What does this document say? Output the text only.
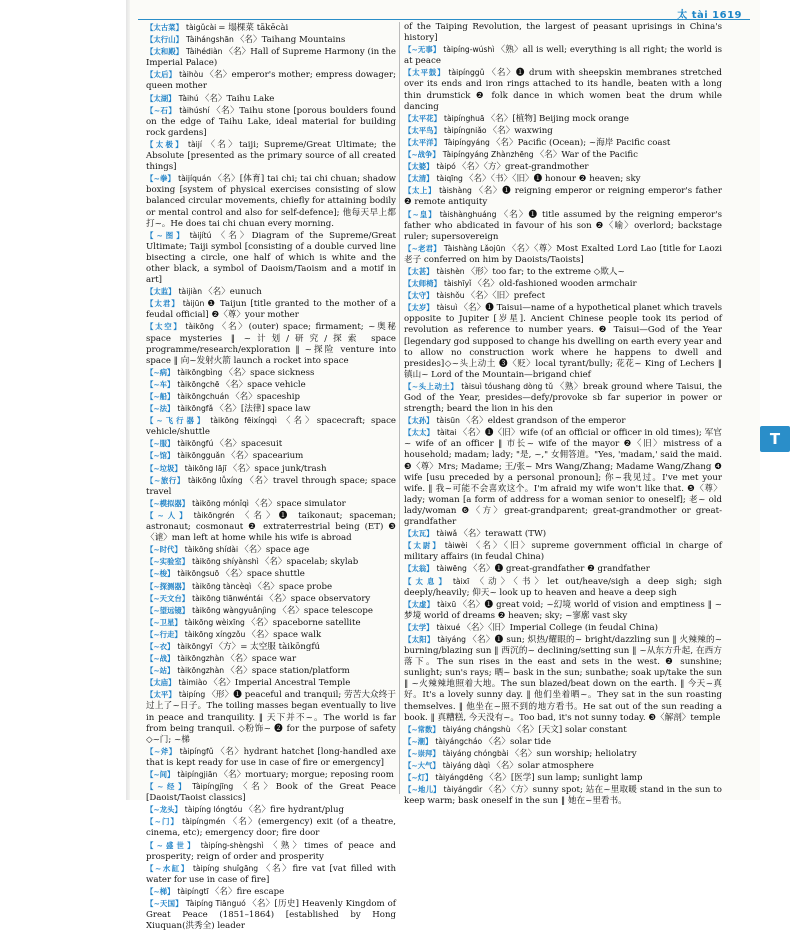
太 tài 1619
【太古菜】 tàigǔcài = 塌棵菜 tākēcài
【太行山】 Tàihángshān 〈名〉Taihang Mountains
【太和殿】 Tàihédiàn 〈名〉Hall of Supreme Harmony (in the Imperial Palace)
【太后】 tàihòu 〈名〉emperor's mother; empress dowager; queen mother
【太湖】 Tàihú 〈名〉Taihu Lake
【~石】 tàihúshí 〈名〉Taihu stone [porous boulders found on the edge of Taihu Lake, ideal material for building rock gardens]
【太极】 tàijí 〈名〉taiji; Supreme/Great Ultimate; the Absolute [presented as the primary source of all created things]
【~拳】 tàijíquán 〈名〉[体育] tai chi; tai chi chuan; shadow boxing [system of physical exercises consisting of slow balanced circular movements, chiefly for attaining bodily or mental control and also for self-defence]; 他每天早上都打~。He does tai chi chuan every morning.
【~图】 tàijítú 〈名〉Diagram of the Supreme/Great Ultimate; Taiji symbol [consisting of a double curved line bisecting a circle, one half of which is white and the other black, a symbol of Daoism/Taoism and a motif in art]
【太监】 tàijiàn 〈名〉eunuch
【太君】 tàijūn ❶ Taijun [title granted to the mother of a feudal official] ❷〈尊〉your mother
【太空】 tàikōng 〈名〉(outer) space; firmament; ~奥秘 space mysteries ‖ ~计划/研究/探索 space programme/research/exploration ‖ ~探险 venture into space ‖ 向~发射火箭 launch a rocket into space
【~病】 tàikōngbìng 〈名〉space sickness
【~车】 tàikōngchē 〈名〉space vehicle
【~船】 tàikōngchuán 〈名〉spaceship
【~法】 tàikōngfǎ 〈名〉[法律] space law
【~飞行器】 tàikōng fēixíngqì 〈名〉spacecraft; space vehicle/shuttle
【~服】 tàikōngfú 〈名〉spacesuit
【~馆】 tàikōngguǎn 〈名〉spacearium
【~垃圾】 tàikōng lājī 〈名〉space junk/trash
【~旅行】 tàikōng lǚxíng 〈名〉travel through space; space travel
【~模拟器】 tàikōng mónǐqì 〈名〉space simulator
【~人】 tàikōngrén 〈名〉❶ taikonaut; spaceman; astronaut; cosmonaut ❷ extraterrestrial being (ET) ❸〈谑〉man left at home while his wife is abroad
【~时代】 tàikōng shídài 〈名〉space age
【~实验室】 tàikōng shíyànshì 〈名〉spacelab; skylab
【~梭】 tàikōngsuō 〈名〉space shuttle
【~探测器】 tàikōng tàncèqì 〈名〉space probe
【~天文台】 tàikōng tiānwéntái 〈名〉space observatory
【~望远镜】 tàikōng wàngyuǎnjìng 〈名〉space telescope
【~卫星】 tàikōng wèixīng 〈名〉spaceborne satellite
【~行走】 tàikōng xíngzǒu 〈名〉space walk
【~衣】 tàikōngyī 〈方〉= 太空服 tàikōngfú
【~战】 tàikōngzhàn 〈名〉space war
【~站】 tàikōngzhàn 〈名〉space station/platform
【太庙】 tàimiào 〈名〉Imperial Ancestral Temple
【太平】 tàipíng 〈形〉❶ peaceful and tranquil; 劳苦大众终于过上了~日子。The toiling masses began eventually to live in peace and tranquility. ‖ 天下并不~。The world is far from being tranquil. ◇粉饰~ ❷ for the purpose of safety ◇~门; ~梯
【~斧】 tàipíngfǔ 〈名〉hydrant hatchet [long-handled axe that is kept ready for use in case of fire or emergency]
【~间】 tàipíngjiān 〈名〉mortuary; morgue; reposing room
【~经】 Tàipíngjīng 〈名〉Book of the Great Peace [Daoist/Taoist classics]
【~龙头】 tàipíng lóngtóu 〈名〉fire hydrant/plug
【~门】 tàipíngmén 〈名〉(emergency) exit (of a theatre, cinema, etc); emergency door; fire door
【~盛世】 tàipíng-shèngshì 〈熟〉times of peace and prosperity; reign of order and prosperity
【~水缸】 tàipíng shuǐgāng 〈名〉fire vat [vat filled with water for use in case of fire]
【~梯】 tàipíngtī 〈名〉fire escape
【~天国】 Tàipíng Tiānguó 〈名〉[历史] Heavenly Kingdom of Great Peace (1851–1864) [established by Hong Xiuquan(洪秀全) leader
of the Taiping Revolution, the largest of peasant uprisings in China's history]
【~无事】 tàipíng-wúshì 〈熟〉all is well; everything is all right; the world is at peace
【太平鼓】 tàipínggǔ 〈名〉❶ drum with sheepskin membranes stretched over its ends and iron rings attached to its handle, beaten with a long thin drumstick ❷ folk dance in which women beat the drum while dancing
【太平花】 tàipínghuā 〈名〉[植物] Beijing mock orange
【太平鸟】 tàipíngniǎo 〈名〉waxwing
【太平洋】 Tàipíngyáng 〈名〉Pacific (Ocean); ~海岸 Pacific coast
【~战争】 Tàipíngyáng Zhànzhēng 〈名〉War of the Pacific
【太婆】 tàipó 〈名〉〈方〉great-grandmother
【太清】 tàiqīng 〈名〉〈书〉〈旧〉❶ honour ❷ heaven; sky
【太上】 tàishàng 〈名〉❶ reigning emperor or reigning emperor's father ❷ remote antiquity
【~皇】 tàishànghuáng 〈名〉❶ title assumed by the reigning emperor's father who abdicated in favour of his son ❷〈喻〉overlord; backstage ruler; supersovereign
【~老君】 Tàishàng Lǎojūn 〈名〉〈尊〉Most Exalted Lord Lao [title for Laozi 老子 conferred on him by Daoists/Taoists]
【太甚】 tàishèn 〈形〉too far; to the extreme ◇欺人~
【太师椅】 tàishīyǐ 〈名〉old-fashioned wooden armchair
【太守】 tàishǒu 〈名〉〈旧〉prefect
【太岁】 tàisuì 〈名〉❶ Taisui—name of a hypothetical planet which travels opposite to Jupiter [岁星]. Ancient Chinese people took its period of revolution as reference to number years. ❷ Taisui—God of the Year [legendary god supposed to change his dwelling on earth every year and to allow no construction work where he happens to dwell and presides]◇~头上动土 ❸〈贬〉local tyrant/bully; 花花~ King of Lechers ‖ 镇山~ Lord of the Mountain—brigand chief
【~头上动土】 tàisuì tóushang dòng tǔ 〈熟〉break ground where Taisui, the God of the Year, presides—defy/provoke sb far superior in power or strength; beard the lion in his den
【太孙】 tàisūn 〈名〉eldest grandson of the emperor
【太太】 tàitai 〈名〉❶〈旧〉wife (of an official or officer in old times); 军官~ wife of an officer ‖ 市长~ wife of the mayor ❷〈旧〉mistress of a household; madam; lady; "是, ~," 女佣答道。"Yes, 'madam,' said the maid. ❸〈尊〉Mrs; Madame; 王/张~ Mrs Wang/Zhang; Madame Wang/Zhang ❹ wife [usu preceded by a personal pronoun]; 你~我见过。I've met your wife. ‖ 我~可能不会喜欢这个。I'm afraid my wife won't like that. ❺〈尊〉lady; woman [a form of address for a woman senior to oneself]; 老~ old lady/woman ❻〈方〉great-grandparent; great-grandmother or great-grandfather
【太瓦】 tàiwǎ 〈名〉terawatt (TW)
【太尉】 tàiwèi 〈名〉〈旧〉supreme government official in charge of military affairs (in feudal China)
【太翁】 tàiwēng 〈名〉❶ great-grandfather ❷ grandfather
【太息】 tàixī 〈动〉〈书〉let out/heave/sigh a deep sigh; sigh deeply/heavily; 仰天~ look up to heaven and heave a deep sigh
【太虚】 tàixū 〈名〉❶ great void; ~幻境 world of vision and emptiness ‖ ~梦境 world of dreams ❷ heaven; sky; ~寥廓 vast sky
【太学】 tàixué 〈名〉〈旧〉Imperial College (in feudal China)
【太阳】 tàiyáng 〈名〉❶ sun; 炽热/耀眼的~ bright/dazzling sun ‖ 火辣辣的~ burning/blazing sun ‖ 西沉的~ declining/setting sun ‖ ~从东方升起, 在西方落下。The sun rises in the east and sets in the west. ❷ sunshine; sunlight; sun's rays; 晒~ bask in the sun; sunbathe; soak up/take the sun ‖ ~火辣辣地照着大地。The sun blazed/beat down on the earth. ‖ 今天~真好。It's a lovely sunny day. ‖ 他们坐着晒~。They sat in the sun roasting themselves. ‖ 他坐在~照不到的地方看书。He sat out of the sun reading a book. ‖ 真糟糕, 今天没有~。Too bad, it's not sunny today. ❸〈解剖〉temple
【~常数】 tàiyáng chángshù 〈名〉[天文] solar constant
【~潮】 tàiyángcháo 〈名〉solar tide
【~崇拜】 tàiyáng chóngbài 〈名〉sun worship; heliolatry
【~大气】 tàiyáng dàqì 〈名〉solar atmosphere
【~灯】 tàiyángdēng 〈名〉[医学] sun lamp; sunlight lamp
【~地儿】 tàiyángdìr 〈名〉〈方〉sunny spot; 站在~里取暖 stand in the sun to keep warm; bask oneself in the sun ‖ 她在~里看书。
T
